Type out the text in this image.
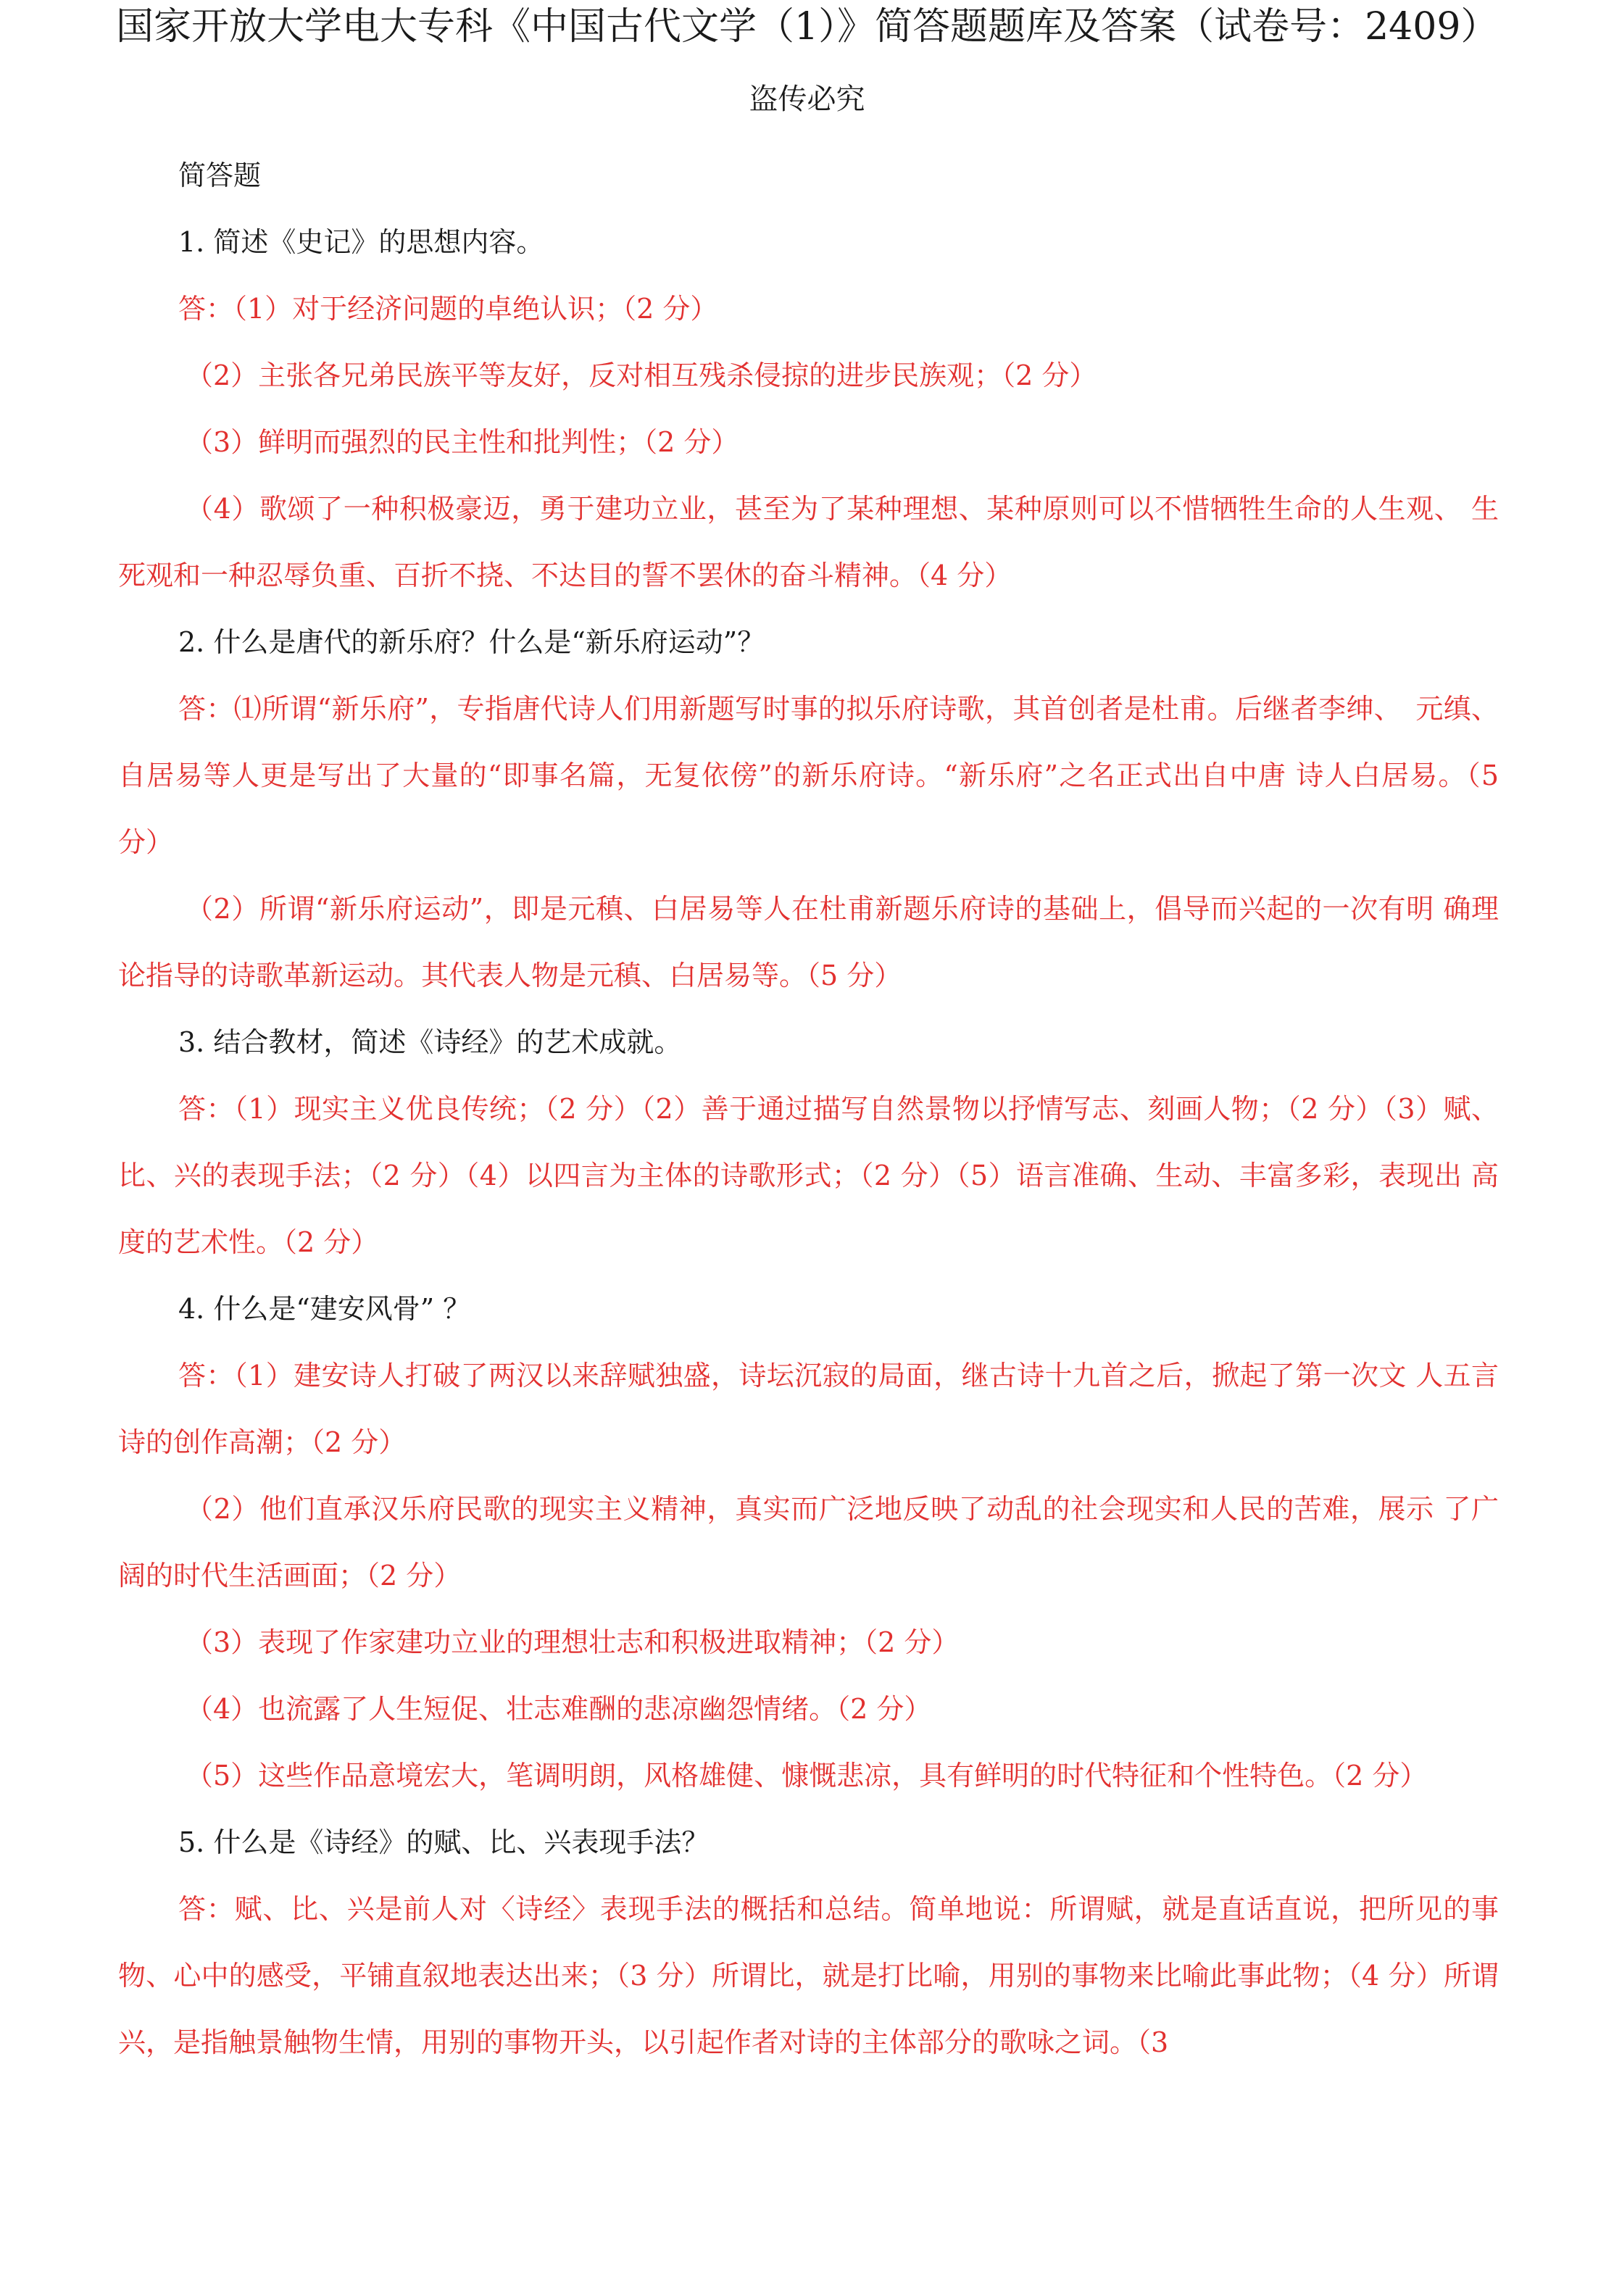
国家开放大学电大专科《中国古代文学（1）》简答题题库及答案（试卷号：2409）
盗传必究

简答题

1. 简述《史记》的思想内容。

答：（1）对于经济问题的卓绝认识；（2 分）

（2）主张各兄弟民族平等友好，反对相互残杀侵掠的进步民族观；（2 分）

（3）鲜明而强烈的民主性和批判性；（2 分）

（4）歌颂了一种积极豪迈，勇于建功立业，甚至为了某种理想、某种原则可以不惜牺牲生命的人生观、 生死观和一种忍辱负重、百折不挠、不达目的誓不罢休的奋斗精神。（4 分）

2. 什么是唐代的新乐府？什么是“新乐府运动”？

答：⑴所谓“新乐府”，专指唐代诗人们用新题写时事的拟乐府诗歌，其首创者是杜甫。后继者李绅、　元缜、自居易等人更是写出了大量的“即事名篇，无复依傍”的新乐府诗。“新乐府”之名正式出自中唐 诗人白居易。（5 分）

（2）所谓“新乐府运动”，即是元稹、白居易等人在杜甫新题乐府诗的基础上，倡导而兴起的一次有明 确理论指导的诗歌革新运动。其代表人物是元稹、白居易等。（5 分）

3. 结合教材，简述《诗经》的艺术成就。

答：（1）现实主义优良传统；（2 分）（2）善于通过描写自然景物以抒情写志、刻画人物；（2 分）（3）赋、 比、兴的表现手法；（2 分）（4）以四言为主体的诗歌形式；（2 分）（5）语言准确、生动、丰富多彩，表现出 高度的艺术性。（2 分）

4. 什么是“建安风骨” ？

答：（1）建安诗人打破了两汉以来辞赋独盛，诗坛沉寂的局面，继古诗十九首之后，掀起了第一次文 人五言诗的创作高潮；（2 分）

（2）他们直承汉乐府民歌的现实主义精神，真实而广泛地反映了动乱的社会现实和人民的苦难，展示 了广阔的时代生活画面；（2 分）

（3）表现了作家建功立业的理想壮志和积极进取精神；（2 分）

（4）也流露了人生短促、壮志难酬的悲凉幽怨情绪。（2 分）

（5）这些作品意境宏大，笔调明朗，风格雄健、慷慨悲凉，具有鲜明的时代特征和个性特色。（2 分）

5. 什么是《诗经》的赋、比、兴表现手法？

答：赋、比、兴是前人对〈诗经〉表现手法的概括和总结。简单地说：所谓赋，就是直话直说，把所见的事物、心中的感受，平铺直叙地表达出来；（3 分）所谓比，就是打比喻，用别的事物来比喻此事此物；（4 分）所谓兴，是指触景触物生情，用别的事物开头，以引起作者对诗的主体部分的歌咏之词。（3
